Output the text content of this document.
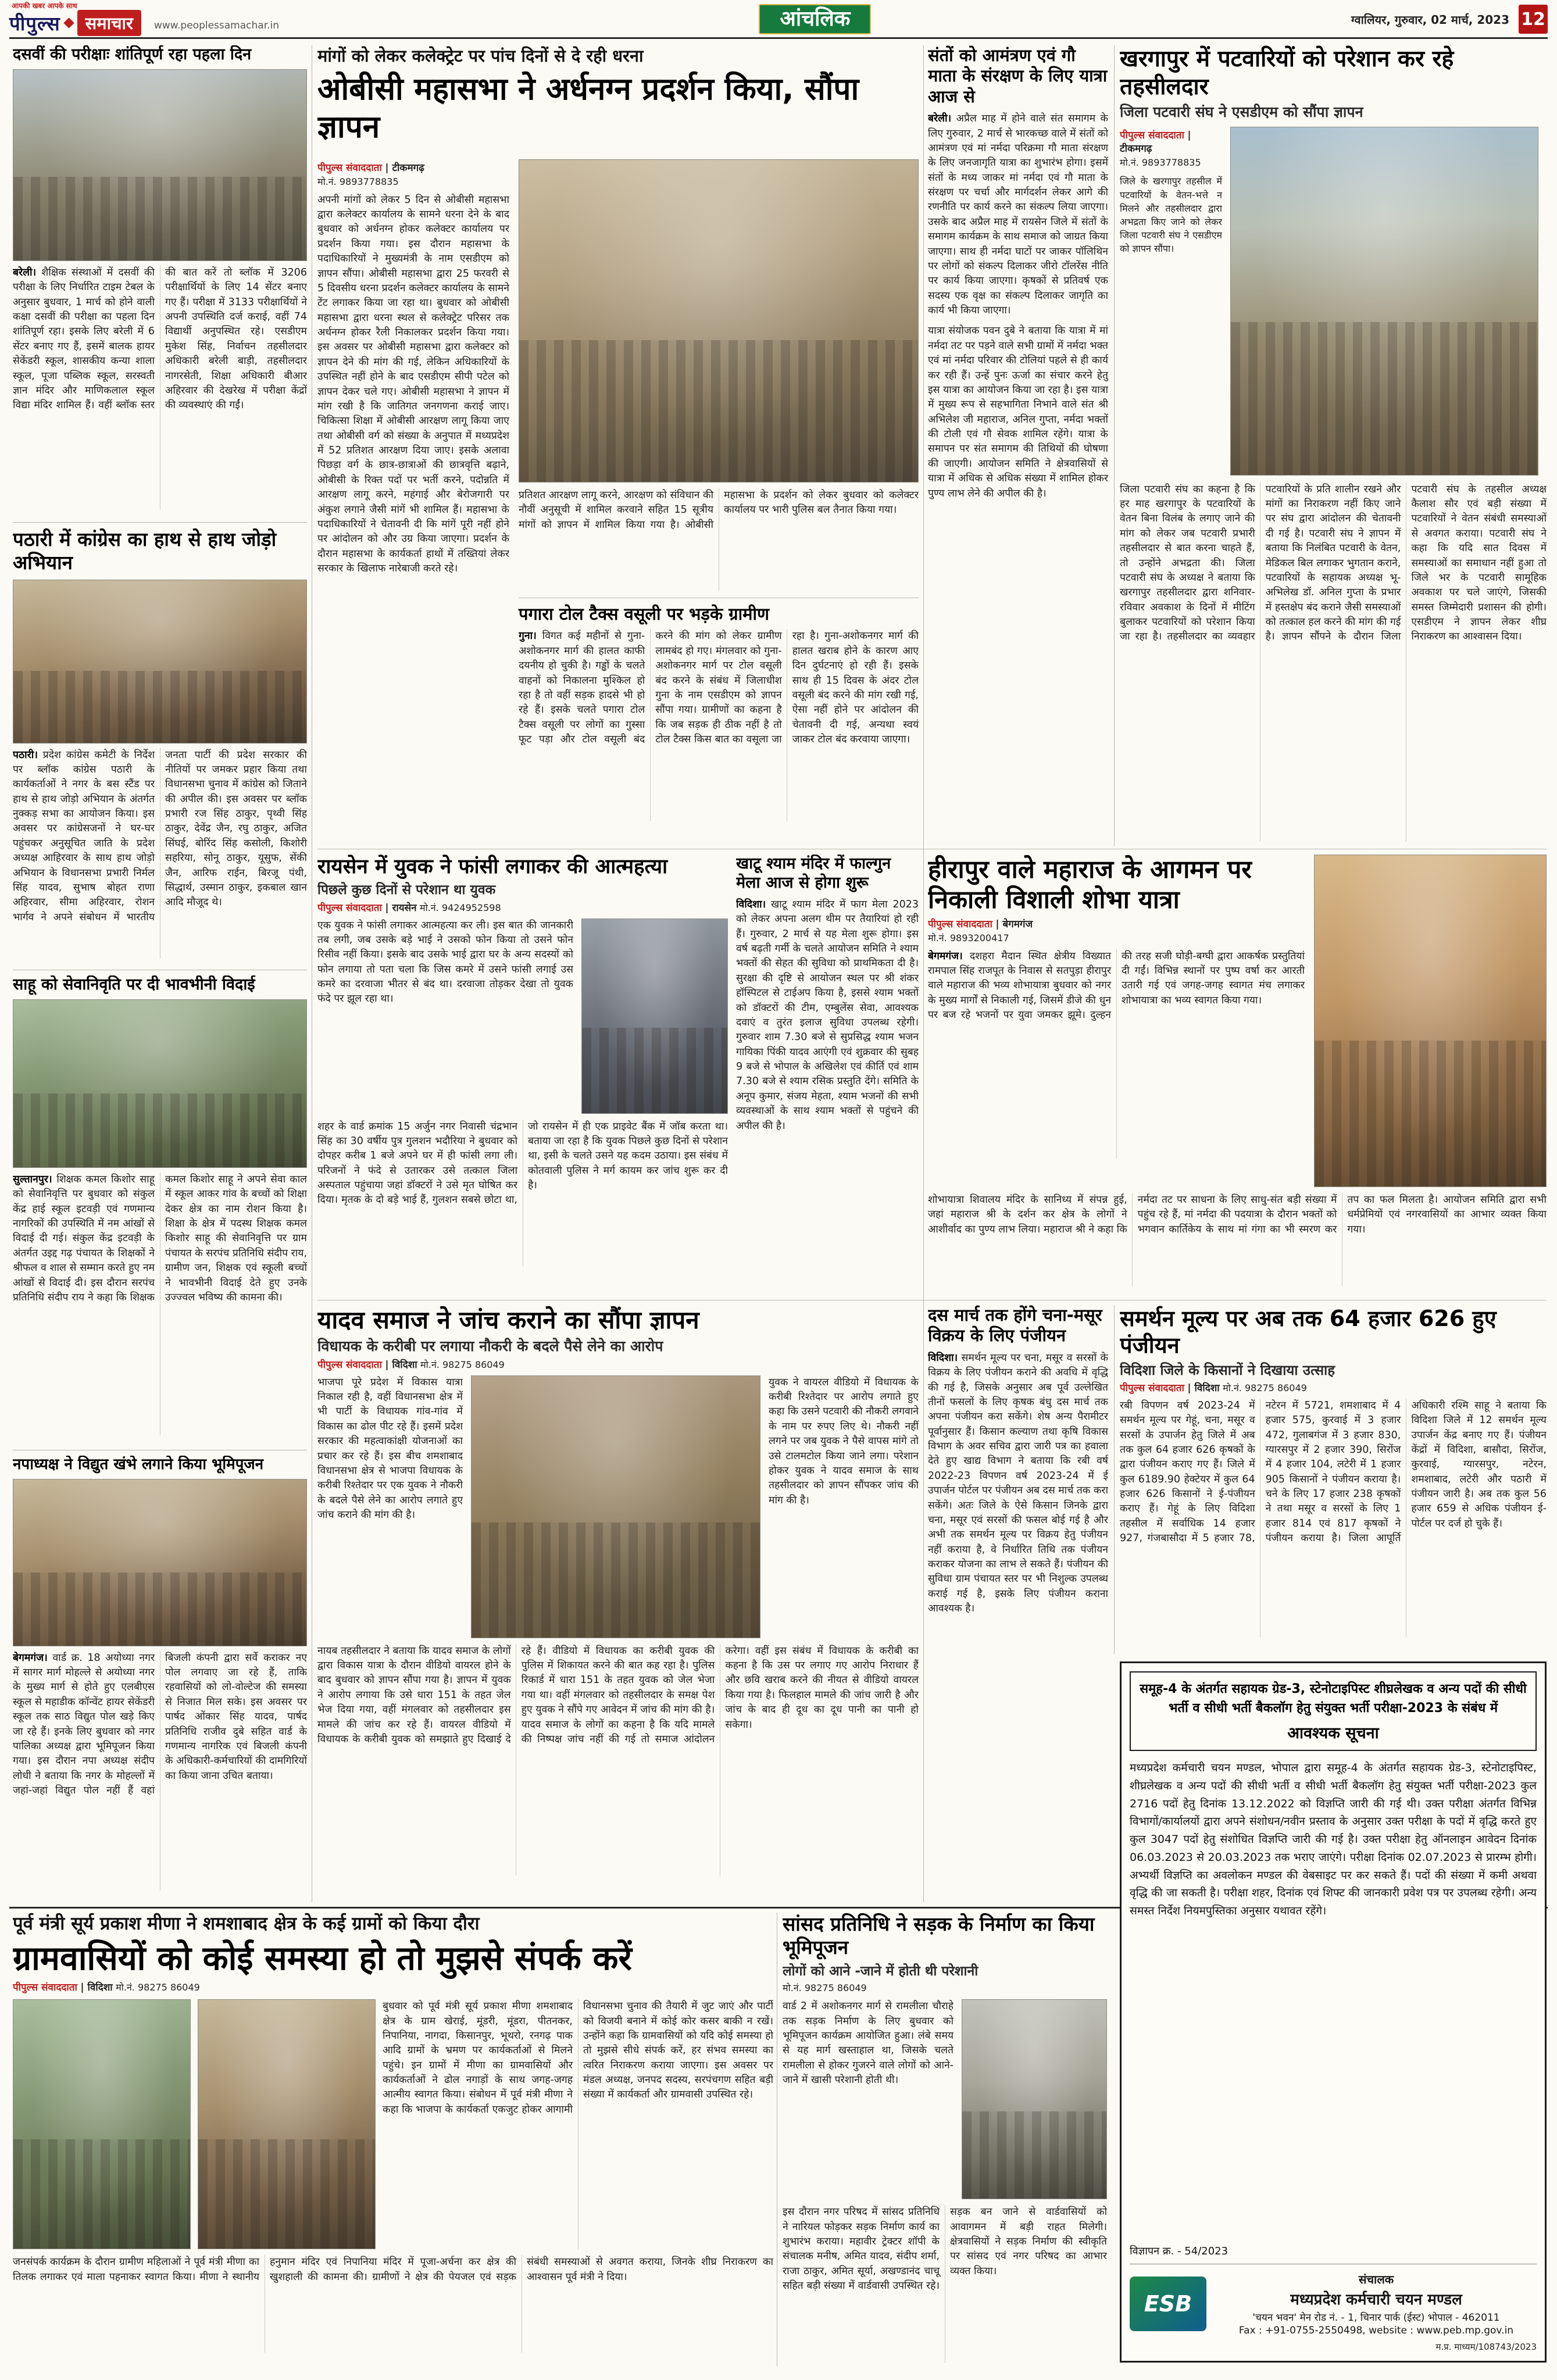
आपकी खबर आपके साथ
पीपुल्स	समाचार	www.peoplessamachar.in	आंचलिक	ग्वालियर, गुरुवार, 02 मार्च, 2023 12
दसवीं की परीक्षाः शांतिपूर्ण रहा पहला दिन
बरेली। शैक्षिक संस्थाओं में दसवीं की परीक्षा के लिए निर्धारित टाइम टेबल के अनुसार बुधवार, 1 मार्च को होने वाली कक्षा दसवीं की परीक्षा का पहला दिन शांतिपूर्ण रहा। इसके लिए बरेली में 6 सेंटर बनाए गए हैं, इसमें बालक हायर सेकेंडरी स्कूल, शासकीय कन्या शाला स्कूल, पूजा पब्लिक स्कूल, सरस्वती ज्ञान मंदिर और माणिकलाल स्कूल विद्या मंदिर शामिल हैं। वहीं ब्लॉक स्तर की बात करें तो ब्लॉक में 3206 परीक्षार्थियों के लिए 14 सेंटर बनाए गए हैं। परीक्षा में 3133 परीक्षार्थियों ने अपनी उपस्थिति दर्ज कराई, वहीं 74 विद्यार्थी अनुपस्थित रहे। एसडीएम मुकेश सिंह, निर्वाचन तहसीलदार अधिकारी बरेली बाड़ी, तहसीलदार नागरसेती, शिक्षा अधिकारी बीआर अहिरवार की देखरेख में परीक्षा केंद्रों की व्यवस्थाएं की गईं।
पठारी में कांग्रेस का हाथ से हाथ जोड़ो अभियान
पठारी। प्रदेश कांग्रेस कमेटी के निर्देश पर ब्लॉक कांग्रेस पठारी के कार्यकर्ताओं ने नगर के बस स्टैंड पर हाथ से हाथ जोड़ो अभियान के अंतर्गत नुक्कड़ सभा का आयोजन किया। इस अवसर पर कांग्रेसजनों ने घर-घर पहुंचकर अनुसूचित जाति के प्रदेश अध्यक्ष आहिरवार के साथ हाथ जोड़ो अभियान के विधानसभा प्रभारी निर्मल सिंह यादव, सुभाष बोहत राणा अहिरवार, सीमा अहिरवार, रोशन भार्गव ने अपने संबोधन में भारतीय जनता पार्टी की प्रदेश सरकार की नीतियों पर जमकर प्रहार किया तथा विधानसभा चुनाव में कांग्रेस को जिताने की अपील की। इस अवसर पर ब्लॉक प्रभारी रज सिंह ठाकुर, पृथ्वी सिंह ठाकुर, देवेंद्र जैन, रघु ठाकुर, अजित सिंघई, बोरिंद सिंह कसोली, किशोरी सहरिया, सोनू ठाकुर, यूसुफ, सेंकी जैन, आरिफ राईन, बिरजू पंथी, सिद्धार्थ, उस्मान ठाकुर, इकबाल खान आदि मौजूद थे।
साहू को सेवानिवृति पर दी भावभीनी विदाई
सुल्तानपुर। शिक्षक कमल किशोर साहू को सेवानिवृत्ति पर बुधवार को संकुल केंद्र हाई स्कूल इटवड़ी एवं गणमान्य नागरिकों की उपस्थिति में नम आंखों से विदाई दी गई। संकुल केंद्र इटवड़ी के अंतर्गत उइद्द गढ़ पंचायत के शिक्षकों ने श्रीफल व शाल से सम्मान करते हुए नम आंखों से विदाई दी। इस दौरान सरपंच प्रतिनिधि संदीप राय ने कहा कि शिक्षक कमल किशोर साहू ने अपने सेवा काल में स्कूल आकर गांव के बच्चों को शिक्षा देकर क्षेत्र का नाम रोशन किया है। शिक्षा के क्षेत्र में पदस्थ शिक्षक कमल किशोर साहू की सेवानिवृत्ति पर ग्राम पंचायत के सरपंच प्रतिनिधि संदीप राय, ग्रामीण जन, शिक्षक एवं स्कूली बच्चों ने भावभीनी विदाई देते हुए उनके उज्ज्वल भविष्य की कामना की।
नपाध्यक्ष ने विद्युत खंभे लगाने किया भूमिपूजन
बेगमगंज। वार्ड क्र. 18 अयोध्या नगर में सागर मार्ग मोहल्ले से अयोध्या नगर के मुख्य मार्ग से होते हुए एलबीएस स्कूल से महाडीक कॉन्वेंट हायर सेकेंडरी स्कूल तक साठ विद्युत पोल खड़े किए जा रहे हैं। इनके लिए बुधवार को नगर पालिका अध्यक्ष द्वारा भूमिपूजन किया गया। इस दौरान नपा अध्यक्ष संदीप लोधी ने बताया कि नगर के मोहल्लों में जहां-जहां विद्युत पोल नहीं हैं वहां बिजली कंपनी द्वारा सर्वे कराकर नए पोल लगवाए जा रहे हैं, ताकि रहवासियों को लो-वोल्टेज की समस्या से निजात मिल सके। इस अवसर पर पार्षद ओंकार सिंह यादव, पार्षद प्रतिनिधि राजीव दुबे सहित वार्ड के गणमान्य नागरिक एवं बिजली कंपनी के अधिकारी-कर्मचारियों की दामगिरियों का किया जाना उचित बताया।
मांगों को लेकर कलेक्ट्रेट पर पांच दिनों से दे रही धरना
ओबीसी महासभा ने अर्धनग्न प्रदर्शन किया, सौंपा ज्ञापन
पीपुल्स संवाददाता | टीकमगढ़
मो.नं. 9893778835

अपनी मांगों को लेकर 5 दिन से ओबीसी महासभा द्वारा कलेक्टर कार्यालय के सामने धरना देने के बाद बुधवार को अर्धनग्न होकर कलेक्टर कार्यालय पर प्रदर्शन किया गया। इस दौरान महासभा के पदाधिकारियों ने मुख्यमंत्री के नाम एसडीएम को ज्ञापन सौंपा। ओबीसी महासभा द्वारा 25 फरवरी से 5 दिवसीय धरना प्रदर्शन कलेक्टर कार्यालय के सामने टेंट लगाकर किया जा रहा था। बुधवार को ओबीसी महासभा द्वारा धरना स्थल से कलेक्ट्रेट परिसर तक अर्धनग्न होकर रैली निकालकर प्रदर्शन किया गया। इस अवसर पर ओबीसी महासभा द्वारा कलेक्टर को ज्ञापन देने की मांग की गई, लेकिन अधिकारियों के उपस्थित नहीं होने के बाद एसडीएम सीपी पटेल को ज्ञापन देकर चले गए। ओबीसी महासभा ने ज्ञापन में मांग रखी है कि जातिगत जनगणना कराई जाए। चिकित्सा शिक्षा में ओबीसी आरक्षण लागू किया जाए तथा ओबीसी वर्ग को संख्या के अनुपात में मध्यप्रदेश में 52 प्रतिशत आरक्षण दिया जाए। इसके अलावा पिछड़ा वर्ग के छात्र-छात्राओं की छात्रवृत्ति बढ़ाने, ओबीसी के रिक्त पदों पर भर्ती करने, पदोन्नति में आरक्षण लागू करने, महंगाई और बेरोजगारी पर अंकुश लगाने जैसी मांगें भी शामिल हैं। महासभा के पदाधिकारियों ने चेतावनी दी कि मांगें पूरी नहीं होने पर आंदोलन को और उग्र किया जाएगा। प्रदर्शन के दौरान महासभा के कार्यकर्ता हाथों में तख्तियां लेकर सरकार के खिलाफ नारेबाजी करते रहे।

प्रतिशत आरक्षण लागू करने, आरक्षण को संविधान की नौवीं अनुसूची में शामिल करवाने सहित 15 सूत्रीय मांगों को ज्ञापन में शामिल किया गया है। ओबीसी महासभा के प्रदर्शन को लेकर बुधवार को कलेक्टर कार्यालय पर भारी पुलिस बल तैनात किया गया।
पगारा टोल टैक्स वसूली पर भड़के ग्रामीण
गुना। विगत कई महीनों से गुना-अशोकनगर मार्ग की हालत काफी दयनीय हो चुकी है। गड्ढों के चलते वाहनों को निकालना मुश्किल हो रहा है तो वहीं सड़क हादसे भी हो रहे हैं। इसके चलते पगारा टोल टैक्स वसूली पर लोगों का गुस्सा फूट पड़ा और टोल वसूली बंद करने की मांग को लेकर ग्रामीण लामबंद हो गए। मंगलवार को गुना-अशोकनगर मार्ग पर टोल वसूली बंद करने के संबंध में जिलाधीश गुना के नाम एसडीएम को ज्ञापन सौंपा गया। ग्रामीणों का कहना है कि जब सड़क ही ठीक नहीं है तो टोल टैक्स किस बात का वसूला जा रहा है। गुना-अशोकनगर मार्ग की हालत खराब होने के कारण आए दिन दुर्घटनाएं हो रही हैं। इसके साथ ही 15 दिवस के अंदर टोल वसूली बंद करने की मांग रखी गई, ऐसा नहीं होने पर आंदोलन की चेतावनी दी गई, अन्यथा स्वयं जाकर टोल बंद करवाया जाएगा।
रायसेन में युवक ने फांसी लगाकर की आत्महत्या
पिछले कुछ दिनों से परेशान था युवक
पीपुल्स संवाददाता | रायसेन मो.नं. 9424952598

एक युवक ने फांसी लगाकर आत्महत्या कर ली। इस बात की जानकारी तब लगी, जब उसके बड़े भाई ने उसको फोन किया तो उसने फोन रिसीव नहीं किया। इसके बाद उसके भाई द्वारा घर के अन्य सदस्यों को फोन लगाया तो पता चला कि जिस कमरे में उसने फांसी लगाई उस कमरे का दरवाजा भीतर से बंद था। दरवाजा तोड़कर देखा तो युवक फंदे पर झूल रहा था।

शहर के वार्ड क्रमांक 15 अर्जुन नगर निवासी चंद्रभान सिंह का 30 वर्षीय पुत्र गुलशन भदौरिया ने बुधवार को दोपहर करीब 1 बजे अपने घर में ही फांसी लगा ली। परिजनों ने फंदे से उतारकर उसे तत्काल जिला अस्पताल पहुंचाया जहां डॉक्टरों ने उसे मृत घोषित कर दिया। मृतक के दो बड़े भाई हैं, गुलशन सबसे छोटा था, जो रायसेन में ही एक प्राइवेट बैंक में जॉब करता था। बताया जा रहा है कि युवक पिछले कुछ दिनों से परेशान था, इसी के चलते उसने यह कदम उठाया। इस संबंध में कोतवाली पुलिस ने मर्ग कायम कर जांच शुरू कर दी है।
खाटू श्याम मंदिर में फाल्गुन मेला आज से होगा शुरू

विदिशा। खाटू श्याम मंदिर में फाग मेला 2023 को लेकर अपना अलग थीम पर तैयारियां हो रही हैं। गुरुवार, 2 मार्च से यह मेला शुरू होगा। इस वर्ष बढ़ती गर्मी के चलते आयोजन समिति ने श्याम भक्तों की सेहत की सुविधा को प्राथमिकता दी है। सुरक्षा की दृष्टि से आयोजन स्थल पर श्री शंकर हॉस्पिटल से टाईअप किया है, इससे श्याम भक्तों को डॉक्टरों की टीम, एम्बुलेंस सेवा, आवश्यक दवाएं व तुरंत इलाज सुविधा उपलब्ध रहेगी। गुरुवार शाम 7.30 बजे से सुप्रसिद्ध श्याम भजन गायिका पिंकी यादव आएंगी एवं शुक्रवार की सुबह 9 बजे से भोपाल के अखिलेश एवं कीर्ति एवं शाम 7.30 बजे से श्याम रसिक प्रस्तुति देंगे। समिति के अनूप कुमार, संजय मेहता, श्याम भजनों की सभी व्यवस्थाओं के साथ श्याम भक्तों से पहुंचने की अपील की है।

यादव समाज ने जांच कराने का सौंपा ज्ञापन
विधायक के करीबी पर लगाया नौकरी के बदले पैसे लेने का आरोप
पीपुल्स संवाददाता | विदिशा मो.नं. 98275 86049

भाजपा पूरे प्रदेश में विकास यात्रा निकाल रही है, वहीं विधानसभा क्षेत्र में भी पार्टी के विधायक गांव-गांव में विकास का ढोल पीट रहे हैं। इसमें प्रदेश सरकार की महत्वाकांक्षी योजनाओं का प्रचार कर रहे हैं। इस बीच शमशाबाद विधानसभा क्षेत्र से भाजपा विधायक के करीबी रिश्तेदार पर एक युवक ने नौकरी के बदले पैसे लेने का आरोप लगाते हुए जांच कराने की मांग की है।

युवक ने वायरल वीडियो में विधायक के करीबी रिश्तेदार पर आरोप लगाते हुए कहा कि उसने पटवारी की नौकरी लगवाने के नाम पर रुपए लिए थे। नौकरी नहीं लगने पर जब युवक ने पैसे वापस मांगे तो उसे टालमटोल किया जाने लगा। परेशान होकर युवक ने यादव समाज के साथ तहसीलदार को ज्ञापन सौंपकर जांच की मांग की है।

नायब तहसीलदार ने बताया कि यादव समाज के लोगों द्वारा विकास यात्रा के दौरान वीडियो वायरल होने के बाद बुधवार को ज्ञापन सौंपा गया है। ज्ञापन में युवक ने आरोप लगाया कि उसे धारा 151 के तहत जेल भेज दिया गया, वहीं मंगलवार को तहसीलदार इस मामले की जांच कर रहे हैं। वायरल वीडियो में विधायक के करीबी युवक को समझाते हुए दिखाई दे रहे हैं। वीडियो में विधायक का करीबी युवक की पुलिस में शिकायत करने की बात कह रहा है। पुलिस रिकार्ड में धारा 151 के तहत युवक को जेल भेजा गया था। वहीं मंगलवार को तहसीलदार के समक्ष पेश हुए युवक ने सौंपे गए आवेदन में जांच की मांग की है। यादव समाज के लोगों का कहना है कि यदि मामले की निष्पक्ष जांच नहीं की गई तो समाज आंदोलन करेगा। वहीं इस संबंध में विधायक के करीबी का कहना है कि उस पर लगाए गए आरोप निराधार हैं और छवि खराब करने की नीयत से वीडियो वायरल किया गया है। फिलहाल मामले की जांच जारी है और जांच के बाद ही दूध का दूध पानी का पानी हो सकेगा।
संतों को आमंत्रण एवं गौ माता के संरक्षण के लिए यात्रा आज से

बरेली। अप्रैल माह में होने वाले संत समागम के लिए गुरुवार, 2 मार्च से भारकच्छ वाले में संतों को आमंत्रण एवं मां नर्मदा परिक्रमा गौ माता संरक्षण के लिए जनजागृति यात्रा का शुभारंभ होगा। इसमें संतों के मध्य जाकर मां नर्मदा एवं गौ माता के संरक्षण पर चर्चा और मार्गदर्शन लेकर आगे की रणनीति पर कार्य करने का संकल्प लिया जाएगा। उसके बाद अप्रैल माह में रायसेन जिले में संतों के समागम कार्यक्रम के साथ समाज को जाग्रत किया जाएगा। साथ ही नर्मदा घाटों पर जाकर पॉलिथिन पर लोगों को संकल्प दिलाकर जीरो टॉलरेंस नीति पर कार्य किया जाएगा। कृषकों से प्रतिवर्ष एक सदस्य एक वृक्ष का संकल्प दिलाकर जागृति का कार्य भी किया जाएगा।

यात्रा संयोजक पवन दुबे ने बताया कि यात्रा में मां नर्मदा तट पर पड़ने वाले सभी ग्रामों में नर्मदा भक्त एवं मां नर्मदा परिवार की टोलियां पहले से ही कार्य कर रही हैं। उन्हें पुनः ऊर्जा का संचार करने हेतु इस यात्रा का आयोजन किया जा रहा है। इस यात्रा में मुख्य रूप से सहभागिता निभाने वाले संत श्री अभिलेश जी महाराज, अनिल गुप्ता, नर्मदा भक्तों की टोली एवं गौ सेवक शामिल रहेंगे। यात्रा के समापन पर संत समागम की तिथियों की घोषणा की जाएगी। आयोजन समिति ने क्षेत्रवासियों से यात्रा में अधिक से अधिक संख्या में शामिल होकर पुण्य लाभ लेने की अपील की है।

खरगापुर में पटवारियों को परेशान कर रहे तहसीलदार
जिला पटवारी संघ ने एसडीएम को सौंपा ज्ञापन
पीपुल्स संवाददाता | टीकमगढ़
मो.नं. 9893778835

जिले के खरगापुर तहसील में पटवारियों के वेतन-भत्ते न मिलने और तहसीलदार द्वारा अभद्रता किए जाने को लेकर जिला पटवारी संघ ने एसडीएम को ज्ञापन सौंपा।

जिला पटवारी संघ का कहना है कि हर माह खरगापुर के पटवारियों के वेतन बिना विलंब के लगाए जाने की मांग को लेकर जब पटवारी प्रभारी तहसीलदार से बात करना चाहते हैं, तो उन्होंने अभद्रता की। जिला पटवारी संघ के अध्यक्ष ने बताया कि खरगापुर तहसीलदार द्वारा शनिवार-रविवार अवकाश के दिनों में मीटिंग बुलाकर पटवारियों को परेशान किया जा रहा है। तहसीलदार का व्यवहार पटवारियों के प्रति शालीन रखने और मांगों का निराकरण नहीं किए जाने पर संघ द्वारा आंदोलन की चेतावनी दी गई है। पटवारी संघ ने ज्ञापन में बताया कि निलंबित पटवारी के वेतन, मेडिकल बिल लगाकर भुगतान कराने, पटवारियों के सहायक अध्यक्ष भू-अभिलेख डॉ. अनिल गुप्ता के प्रभार में हस्तक्षेप बंद कराने जैसी समस्याओं को तत्काल हल करने की मांग की गई है। ज्ञापन सौंपने के दौरान जिला पटवारी संघ के तहसील अध्यक्ष कैलाश सौर एवं बड़ी संख्या में पटवारियों ने वेतन संबंधी समस्याओं से अवगत कराया। पटवारी संघ ने कहा कि यदि सात दिवस में समस्याओं का समाधान नहीं हुआ तो जिले भर के पटवारी सामूहिक अवकाश पर चले जाएंगे, जिसकी समस्त जिम्मेदारी प्रशासन की होगी। एसडीएम ने ज्ञापन लेकर शीघ्र निराकरण का आश्वासन दिया।
हीरापुर वाले महाराज के आगमन पर निकाली विशाली शोभा यात्रा
पीपुल्स संवाददाता | बेगमगंज
मो.नं. 9893200417
बेगमगंज। दशहरा मैदान स्थित क्षेत्रीय विख्यात रामपाल सिंह राजपूत के निवास से सतपुड़ा हीरापुर वाले महाराज की भव्य शोभायात्रा बुधवार को नगर के मुख्य मार्गों से निकाली गई, जिसमें डीजे की धुन पर बज रहे भजनों पर युवा जमकर झूमे। दुल्हन की तरह सजी घोड़ी-बग्घी द्वारा आकर्षक प्रस्तुतियां दी गईं। विभिन्न स्थानों पर पुष्प वर्षा कर आरती उतारी गई एवं जगह-जगह स्वागत मंच लगाक‍र शोभायात्रा का भव्य स्वागत किया गया।
शोभायात्रा शिवालय मंदिर के सानिध्य में संपन्न हुई, जहां महाराज श्री के दर्शन कर क्षेत्र के लोगों ने आशीर्वाद का पुण्य लाभ लिया। महाराज श्री ने कहा कि नर्मदा तट पर साधना के लिए साधु-संत बड़ी संख्या में पहुंच रहे हैं, मां नर्मदा की पदयात्रा के दौरान भक्तों को भगवान कार्तिकेय के साथ मां गंगा का भी स्मरण कर तप का फल मिलता है। आयोजन समिति द्वारा सभी धर्मप्रेमियों एवं नगरवासियों का आभार व्यक्त किया गया।
दस मार्च तक होंगे चना-मसूर विक्रय के लिए पंजीयन

विदिशा। समर्थन मूल्य पर चना, मसूर व सरसों के विक्रय के लिए पंजीयन कराने की अवधि में वृद्धि की गई है, जिसके अनुसार अब पूर्व उल्लेखित तीनों फसलों के लिए कृषक बंधु दस मार्च तक अपना पंजीयन करा सकेंगे। शेष अन्य पैरामीटर पूर्वानुसार हैं। किसान कल्याण तथा कृषि विकास विभाग के अवर सचिव द्वारा जारी पत्र का हवाला देते हुए खाद्य विभाग ने बताया कि रबी वर्ष 2022-23 विपणन वर्ष 2023-24 में ई उपार्जन पोर्टल पर पंजीयन अब दस मार्च तक करा सकेंगे। अतः जिले के ऐसे किसान जिनके द्वारा चना, मसूर एवं सरसों की फसल बोई गई है और अभी तक समर्थन मूल्य पर विक्रय हेतु पंजीयन नहीं कराया है, वे निर्धारित तिथि तक पंजीयन कराकर योजना का लाभ ले सकते हैं। पंजीयन की सुविधा ग्राम पंचायत स्तर पर भी निशुल्क उपलब्ध कराई गई है, इसके लिए पंजीयन कराना आवश्यक है।

समर्थन मूल्य पर अब तक 64 हजार 626 हुए पंजीयन
विदिशा जिले के किसानों ने दिखाया उत्साह
पीपुल्स संवाददाता | विदिशा मो.नं. 98275 86049
रबी विपणन वर्ष 2023-24 में समर्थन मूल्य पर गेहूं, चना, मसूर व सरसों के उपार्जन हेतु जिले में अब तक कुल 64 हजार 626 कृषकों के द्वारा पंजीयन कराए गए हैं। जिले में कुल 6189.90 हेक्टेयर में कुल 64 हजार 626 किसानों ने ई-पंजीयन कराए हैं। गेहूं के लिए विदिशा तहसील में सर्वाधिक 14 हजार 927, गंजबासौदा में 5 हजार 78, नटेरन में 5721, शमशाबाद में 4 हजार 575, कुरवाई में 3 हजार 472, गुलाबगंज में 3 हजार 830, ग्यारसपुर में 2 हजार 390, सिरोंज में 4 हजार 104, लटेरी में 1 हजार 905 किसानों ने पंजीयन कराया है। चने के लिए 17 हजार 238 कृषकों ने तथा मसूर व सरसों के लिए 1 हजार 814 एवं 817 कृषकों ने पंजीयन कराया है। जिला आपूर्ति अधिकारी रश्मि साहू ने बताया कि विदिशा जिले में 12 समर्थन मूल्य उपार्जन केंद्र बनाए गए हैं। पंजीयन केंद्रों में विदिशा, बासौदा, सिरोंज, कुरवाई, ग्यारसपुर, नटेरन, शमशाबाद, लटेरी और पठारी में पंजीयन जारी है। अब तक कुल 56 हजार 659 से अधिक पंजीयन ई-पोर्टल पर दर्ज हो चुके हैं।
समूह-4 के अंतर्गत सहायक ग्रेड-3, स्टेनोटाइपिस्ट शीघ्रलेखक व अन्य पदों की सीधी भर्ती व सीधी भर्ती बैकलॉग हेतु संयुक्त भर्ती परीक्षा-2023 के संबंध में
आवश्यक सूचना

मध्यप्रदेश कर्मचारी चयन मण्डल, भोपाल द्वारा समूह-4 के अंतर्गत सहायक ग्रेड-3, स्टेनोटाइपिस्ट, शीघ्रलेखक व अन्य पदों की सीधी भर्ती व सीधी भर्ती बैकलॉग हेतु संयुक्त भर्ती परीक्षा-2023 कुल 2716 पदों हेतु दिनांक 13.12.2022 को विज्ञप्ति जारी की गई थी। उक्त परीक्षा अंतर्गत विभिन्न विभागों/कार्यालयों द्वारा अपने संशोधन/नवीन प्रस्ताव के अनुसार उक्त परीक्षा के पदों में वृद्धि करते हुए कुल 3047 पदों हेतु संशोधित विज्ञप्ति जारी की गई है। उक्त परीक्षा हेतु ऑनलाइन आवेदन दिनांक 06.03.2023 से 20.03.2023 तक भराए जाएंगे। परीक्षा दिनांक 02.07.2023 से प्रारम्भ होगी। अभ्यर्थी विज्ञप्ति का अवलोकन मण्डल की वेबसाइट पर कर सकते हैं। पदों की संख्या में कमी अथवा वृद्धि की जा सकती है। परीक्षा शहर, दिनांक एवं शिफ्ट की जानकारी प्रवेश पत्र पर उपलब्ध रहेगी। अन्य समस्त निर्देश नियमपुस्तिका अनुसार यथावत रहेंगे।

विज्ञापन क्र. - 54/2023
ESB
संचालक
मध्यप्रदेश कर्मचारी चयन मण्डल
'चयन भवन' मेन रोड नं. - 1, चिनार पार्क (ईस्ट) भोपाल - 462011
Fax : +91-0755-2550498, website : www.peb.mp.gov.in
म.प्र. माध्यम/108743/2023
पूर्व मंत्री सूर्य प्रकाश मीणा ने शमशाबाद क्षेत्र के कई ग्रामों को किया दौरा
ग्रामवासियों को कोई समस्या हो तो मुझसे संपर्क करें
पीपुल्स संवाददाता | विदिशा मो.नं. 98275 86049
बुधवार को पूर्व मंत्री सूर्य प्रकाश मीणा शमशाबाद क्षेत्र के ग्राम खेराई, मूंडरी, मूंडरा, पीतनकर, निपानिया, नागदा, किसानपुर, भूथरो, रनगढ़ पाक आदि ग्रामों के भ्रमण पर कार्यकर्ताओं से मिलने पहुंचे। इन ग्रामों में मीणा का ग्रामवासियों और कार्यकर्ताओं ने ढोल नगाड़ों के साथ जगह-जगह आत्मीय स्वागत किया। संबोधन में पूर्व मंत्री मीणा ने कहा कि भाजपा के कार्यकर्ता एकजुट होकर आगामी विधानसभा चुनाव की तैयारी में जुट जाएं और पार्टी को विजयी बनाने में कोई कोर कसर बाकी न रखें। उन्होंने कहा कि ग्रामवासियों को यदि कोई समस्या हो तो मुझसे सीधे संपर्क करें, हर संभव समस्या का त्वरित निराकरण कराया जाएगा। इस अवसर पर मंडल अध्यक्ष, जनपद सदस्य, सरपंचगण सहित बड़ी संख्या में कार्यकर्ता और ग्रामवासी उपस्थित रहे।
जनसंपर्क कार्यक्रम के दौरान ग्रामीण महिलाओं ने पूर्व मंत्री मीणा का तिलक लगाकर एवं माला पहनाकर स्वागत किया। मीणा ने स्थानीय हनुमान मंदिर एवं निपानिया मंदिर में पूजा-अर्चना कर क्षेत्र की खुशहाली की कामना की। ग्रामीणों ने क्षेत्र की पेयजल एवं सड़क संबंधी समस्याओं से अवगत कराया, जिनके शीघ्र निराकरण का आश्वासन पूर्व मंत्री ने दिया।
सांसद प्रतिनिधि ने सड़क के निर्माण का किया भूमिपूजन
लोगों को आने -जाने में होती थी परेशानी
मो.नं. 98275 86049

वार्ड 2 में अशोकनगर मार्ग से रामलीला चौराहे तक सड़क निर्माण के लिए बुधवार को भूमिपूजन कार्यक्रम आयोजित हुआ। लंबे समय से यह मार्ग खस्ताहाल था, जिसके चलते रामलीला से होकर गुजरने वाले लोगों को आने-जाने में खासी परेशानी होती थी।

इस दौरान नगर परिषद में सांसद प्रतिनिधि ने नारियल फोड़कर सड़क निर्माण कार्य का शुभारंभ कराया। महावीर ट्रेक्टर शॉपी के संचालक मनीष, अमित यादव, संदीप शर्मा, राजा ठाकुर, अमित सूर्या, अखण्डानंद चाचू सहित बड़ी संख्या में वार्डवासी उपस्थित रहे। सड़क बन जाने से वार्डवासियों को आवागमन में बड़ी राहत मिलेगी। क्षेत्रवासियों ने सड़क निर्माण की स्वीकृति पर सांसद एवं नगर परिषद का आभार व्यक्त किया।
